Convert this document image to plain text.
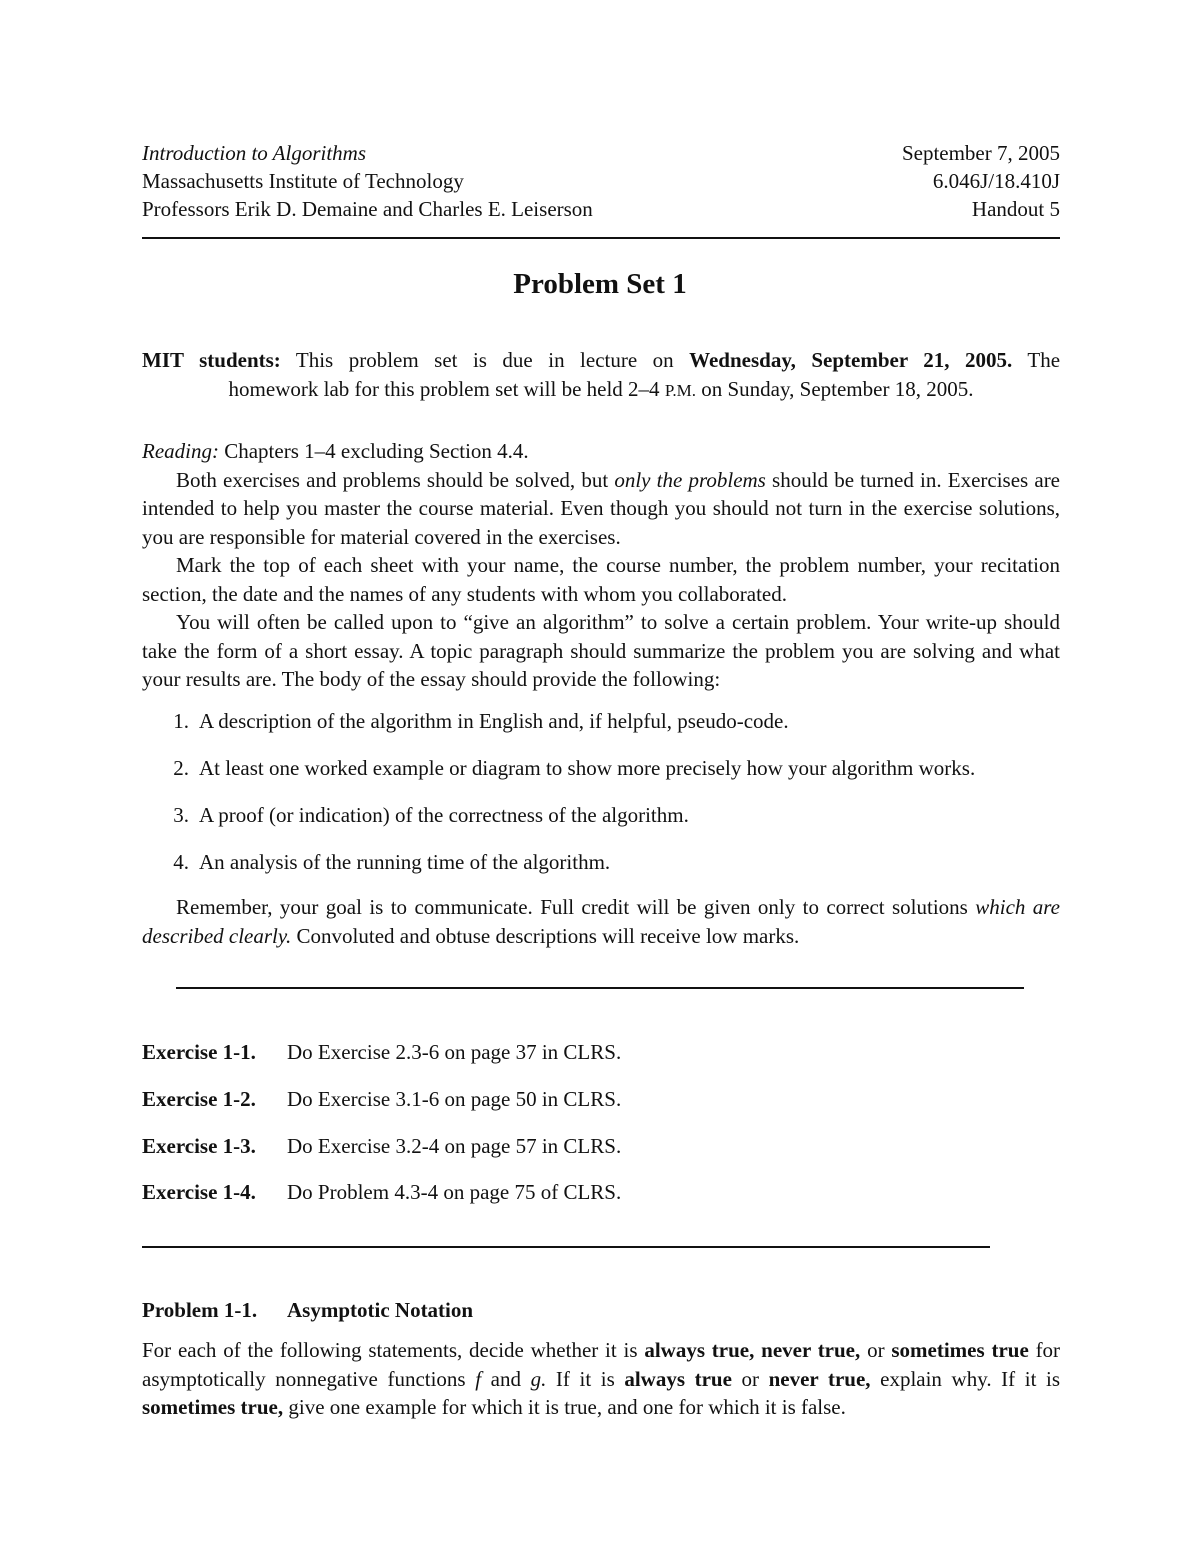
Introduction to Algorithms	September 7, 2005
Massachusetts Institute of Technology	6.046J/18.410J
Professors Erik D. Demaine and Charles E. Leiserson	Handout 5
Problem Set 1
MIT students: This problem set is due in lecture on Wednesday, September 21, 2005. The
homework lab for this problem set will be held 2–4 P.M. on Sunday, September 18, 2005.
Reading: Chapters 1–4 excluding Section 4.4.
Both exercises and problems should be solved, but only the problems should be turned in. Exercises are intended to help you master the course material. Even though you should not turn in the exercise solutions, you are responsible for material covered in the exercises.
Mark the top of each sheet with your name, the course number, the problem number, your recitation section, the date and the names of any students with whom you collaborated.
You will often be called upon to “give an algorithm” to solve a certain problem. Your write-up should take the form of a short essay. A topic paragraph should summarize the problem you are solving and what your results are. The body of the essay should provide the following:
1. A description of the algorithm in English and, if helpful, pseudo-code.
2. At least one worked example or diagram to show more precisely how your algorithm works.
3. A proof (or indication) of the correctness of the algorithm.
4. An analysis of the running time of the algorithm.
Remember, your goal is to communicate. Full credit will be given only to correct solutions which are described clearly. Convoluted and obtuse descriptions will receive low marks.
Exercise 1-1. Do Exercise 2.3-6 on page 37 in CLRS.
Exercise 1-2. Do Exercise 3.1-6 on page 50 in CLRS.
Exercise 1-3. Do Exercise 3.2-4 on page 57 in CLRS.
Exercise 1-4. Do Problem 4.3-4 on page 75 of CLRS.
Problem 1-1. Asymptotic Notation
For each of the following statements, decide whether it is always true, never true, or sometimes true for asymptotically nonnegative functions f and g. If it is always true or never true, explain why. If it is sometimes true, give one example for which it is true, and one for which it is false.
